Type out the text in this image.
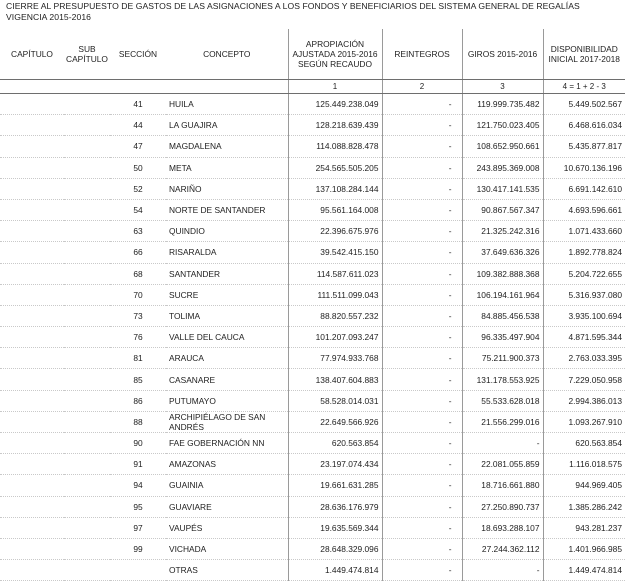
CIERRE AL PRESUPUESTO DE GASTOS DE LAS ASIGNACIONES A LOS FONDOS Y BENEFICIARIOS DEL SISTEMA GENERAL DE REGALÍAS
VIGENCIA 2015-2016
CAPÍTULO	SUB CAPÍTULO	SECCIÓN	CONCEPTO	APROPIACIÓN AJUSTADA 2015-2016 SEGÚN RECAUDO	REINTEGROS	GIROS 2015-2016	DISPONIBILIDAD INICIAL 2017-2018
				1	2	3	4 = 1 + 2 - 3
		41	HUILA	125.449.238.049	-	119.999.735.482	5.449.502.567
		44	LA GUAJIRA	128.218.639.439	-	121.750.023.405	6.468.616.034
		47	MAGDALENA	114.088.828.478	-	108.652.950.661	5.435.877.817
		50	META	254.565.505.205	-	243.895.369.008	10.670.136.196
		52	NARIÑO	137.108.284.144	-	130.417.141.535	6.691.142.610
		54	NORTE DE SANTANDER	95.561.164.008	-	90.867.567.347	4.693.596.661
		63	QUINDIO	22.396.675.976	-	21.325.242.316	1.071.433.660
		66	RISARALDA	39.542.415.150	-	37.649.636.326	1.892.778.824
		68	SANTANDER	114.587.611.023	-	109.382.888.368	5.204.722.655
		70	SUCRE	111.511.099.043	-	106.194.161.964	5.316.937.080
		73	TOLIMA	88.820.557.232	-	84.885.456.538	3.935.100.694
		76	VALLE DEL CAUCA	101.207.093.247	-	96.335.497.904	4.871.595.344
		81	ARAUCA	77.974.933.768	-	75.211.900.373	2.763.033.395
		85	CASANARE	138.407.604.883	-	131.178.553.925	7.229.050.958
		86	PUTUMAYO	58.528.014.031	-	55.533.628.018	2.994.386.013
		88	ARCHIPIÉLAGO DE SAN ANDRÉS	22.649.566.926	-	21.556.299.016	1.093.267.910
		90	FAE GOBERNACIÓN NN	620.563.854	-	-	620.563.854
		91	AMAZONAS	23.197.074.434	-	22.081.055.859	1.116.018.575
		94	GUAINIA	19.661.631.285	-	18.716.661.880	944.969.405
		95	GUAVIARE	28.636.176.979	-	27.250.890.737	1.385.286.242
		97	VAUPÉS	19.635.569.344	-	18.693.288.107	943.281.237
		99	VICHADA	28.648.329.096	-	27.244.362.112	1.401.966.985
			OTRAS	1.449.474.814	-	-	1.449.474.814
